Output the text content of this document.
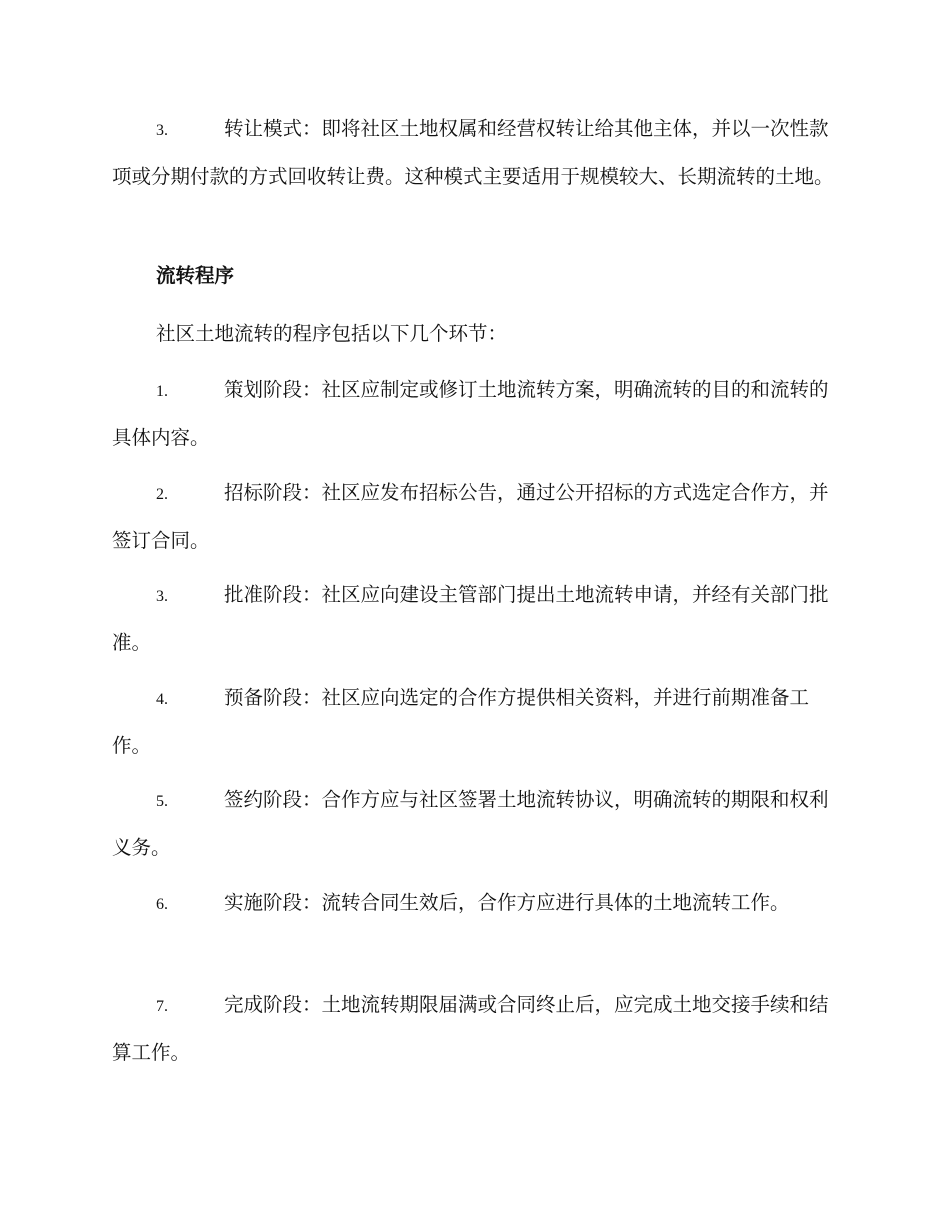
3.	转让模式：即将社区土地权属和经营权转让给其他主体，并以一次性款项或分期付款的方式回收转让费。这种模式主要适用于规模较大、长期流转的土地。
流转程序
社区土地流转的程序包括以下几个环节：
1.	策划阶段：社区应制定或修订土地流转方案，明确流转的目的和流转的具体内容。
2.	招标阶段：社区应发布招标公告，通过公开招标的方式选定合作方，并签订合同。
3.	批准阶段：社区应向建设主管部门提出土地流转申请，并经有关部门批准。
4.	预备阶段：社区应向选定的合作方提供相关资料，并进行前期准备工作。
5.	签约阶段：合作方应与社区签署土地流转协议，明确流转的期限和权利义务。
6.	实施阶段：流转合同生效后，合作方应进行具体的土地流转工作。
7.	完成阶段：土地流转期限届满或合同终止后，应完成土地交接手续和结算工作。
